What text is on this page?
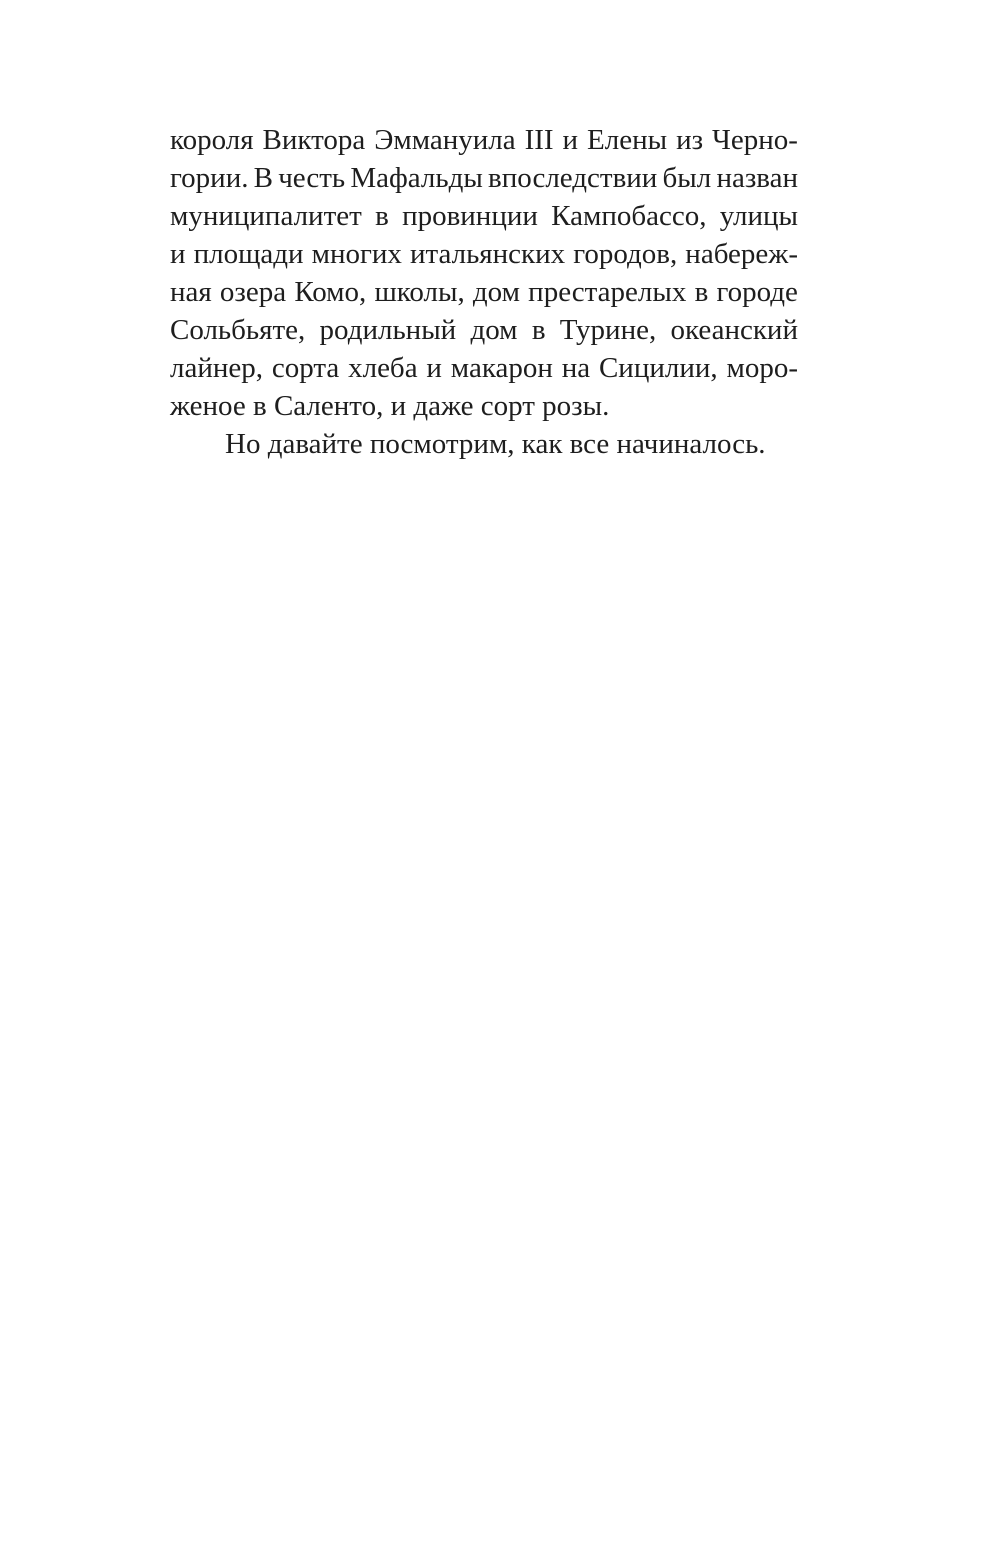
короля Виктора Эммануила III и Елены из Черно-
гории. В честь Мафальды впоследствии был назван
муниципалитет в провинции Кампобассо, улицы
и площади многих итальянских городов, набереж-
ная озера Комо, школы, дом престарелых в городе
Сольбьяте, родильный дом в Турине, океанский
лайнер, сорта хлеба и макарон на Сицилии, моро-
женое в Саленто, и даже сорт розы.
Но давайте посмотрим, как все начиналось.
